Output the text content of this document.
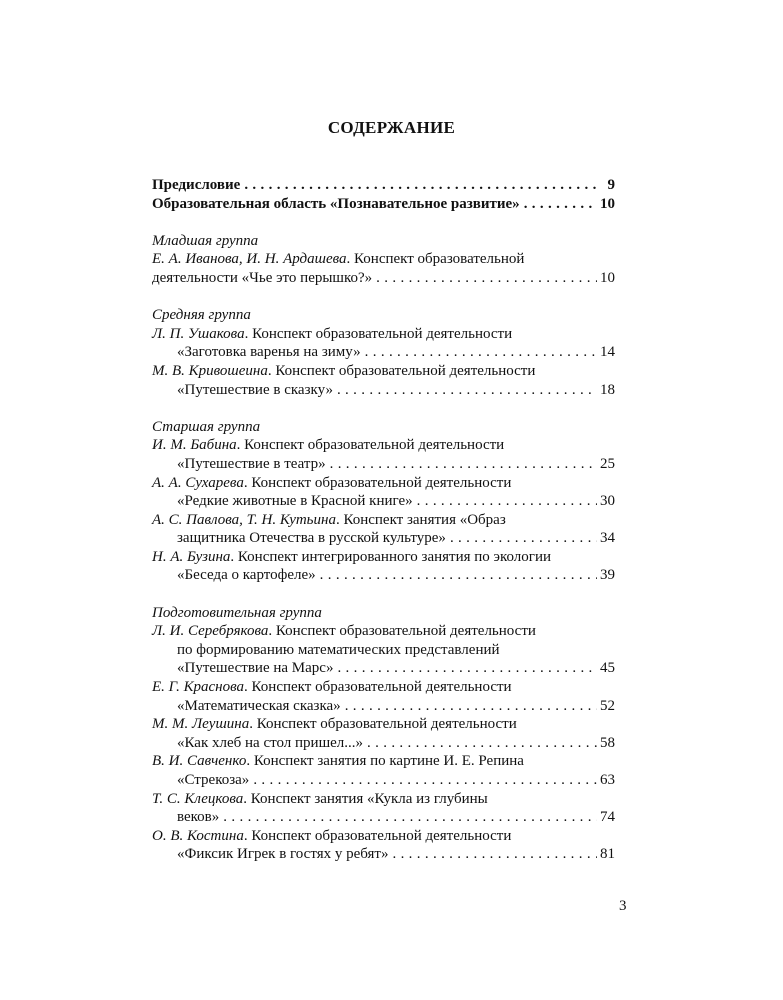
СОДЕРЖАНИЕ
Предисловие . . .	9
Образовательная область «Познавательное развитие» . . .	10
Младшая группа
Е. А. Иванова, И. Н. Ардашева. Конспект образовательной
деятельности «Чье это перышко?» . . .	10
Средняя группа
Л. П. Ушакова. Конспект образовательной деятельности
«Заготовка варенья на зиму» . . .	14
М. В. Кривошеина. Конспект образовательной деятельности
«Путешествие в сказку» . . .	18
Старшая группа
И. М. Бабина. Конспект образовательной деятельности
«Путешествие в театр» . . .	25
А. А. Сухарева. Конспект образовательной деятельности
«Редкие животные в Красной книге» . . .	30
А. С. Павлова, Т. Н. Кутьина. Конспект занятия «Образ
защитника Отечества в русской культуре» . . .	34
Н. А. Бузина. Конспект интегрированного занятия по экологии
«Беседа о картофеле» . . .	39
Подготовительная группа
Л. И. Серебрякова. Конспект образовательной деятельности
по формированию математических представлений
«Путешествие на Марс» . . .	45
Е. Г. Краснова. Конспект образовательной деятельности
«Математическая сказка» . . .	52
М. М. Леушина. Конспект образовательной деятельности
«Как хлеб на стол пришел...» . . .	58
В. И. Савченко. Конспект занятия по картине И. Е. Репина
«Стрекоза» . . .	63
Т. С. Клецкова. Конспект занятия «Кукла из глубины
веков» . . .	74
О. В. Костина. Конспект образовательной деятельности
«Фиксик Игрек в гостях у ребят» . . .	81
3
